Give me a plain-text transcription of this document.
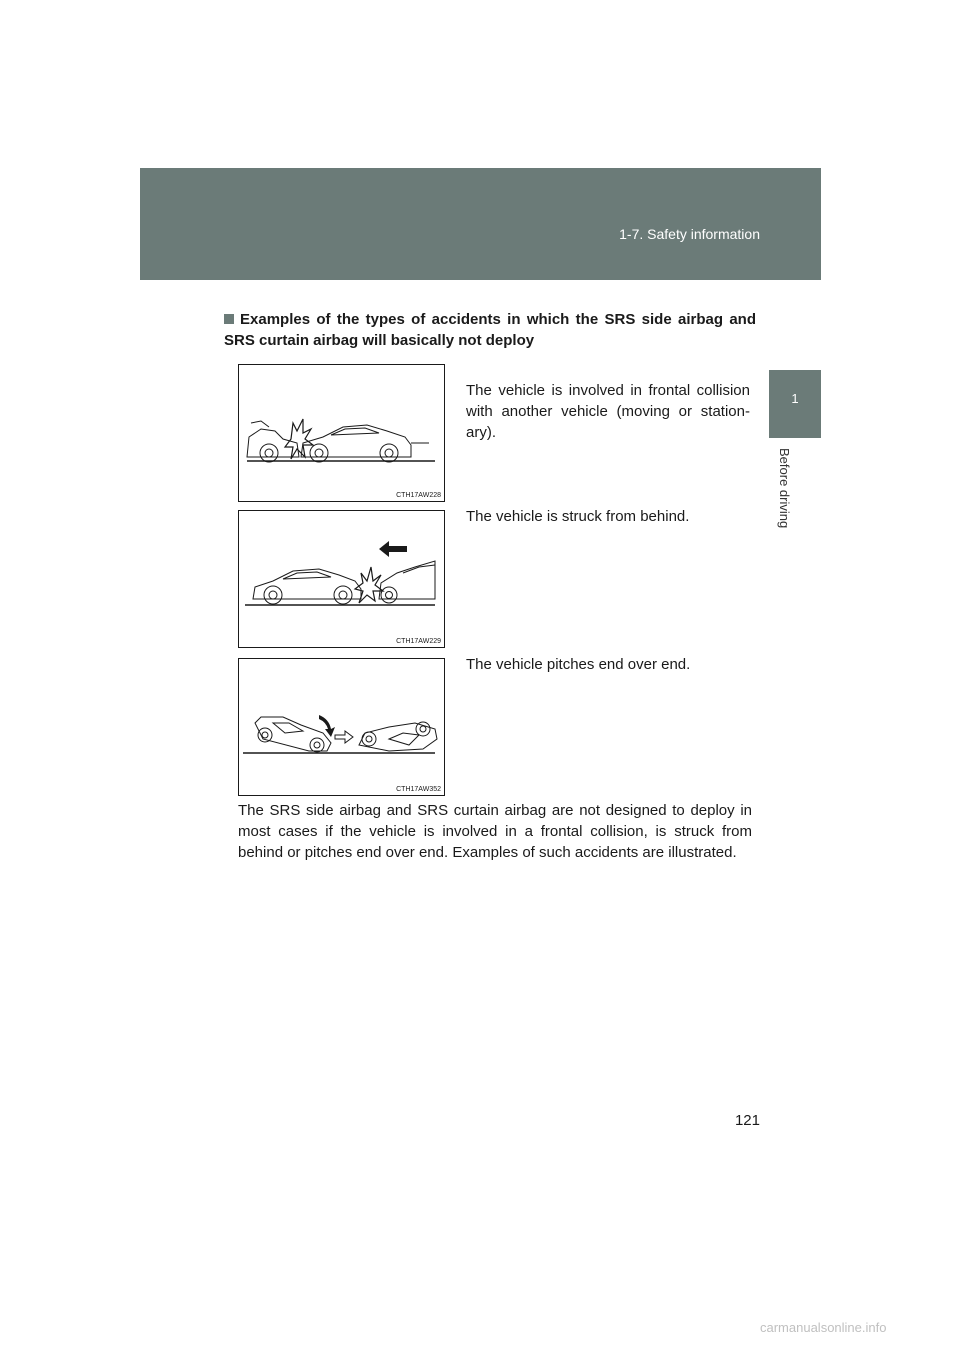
1-7. Safety information
1
Before driving
Examples of the types of accidents in which the SRS side airbag and SRS curtain airbag will basically not deploy
CTH17AW228
The vehicle is involved in frontal collision with another vehicle (moving or station- ary).
CTH17AW229
The vehicle is struck from behind.
CTH17AW352
The vehicle pitches end over end.
The SRS side airbag and SRS curtain airbag are not designed to deploy in most cases if the vehicle is involved in a frontal collision, is struck from behind or pitches end over end. Examples of such accidents are illustrated.
121
carmanualsonline.info
